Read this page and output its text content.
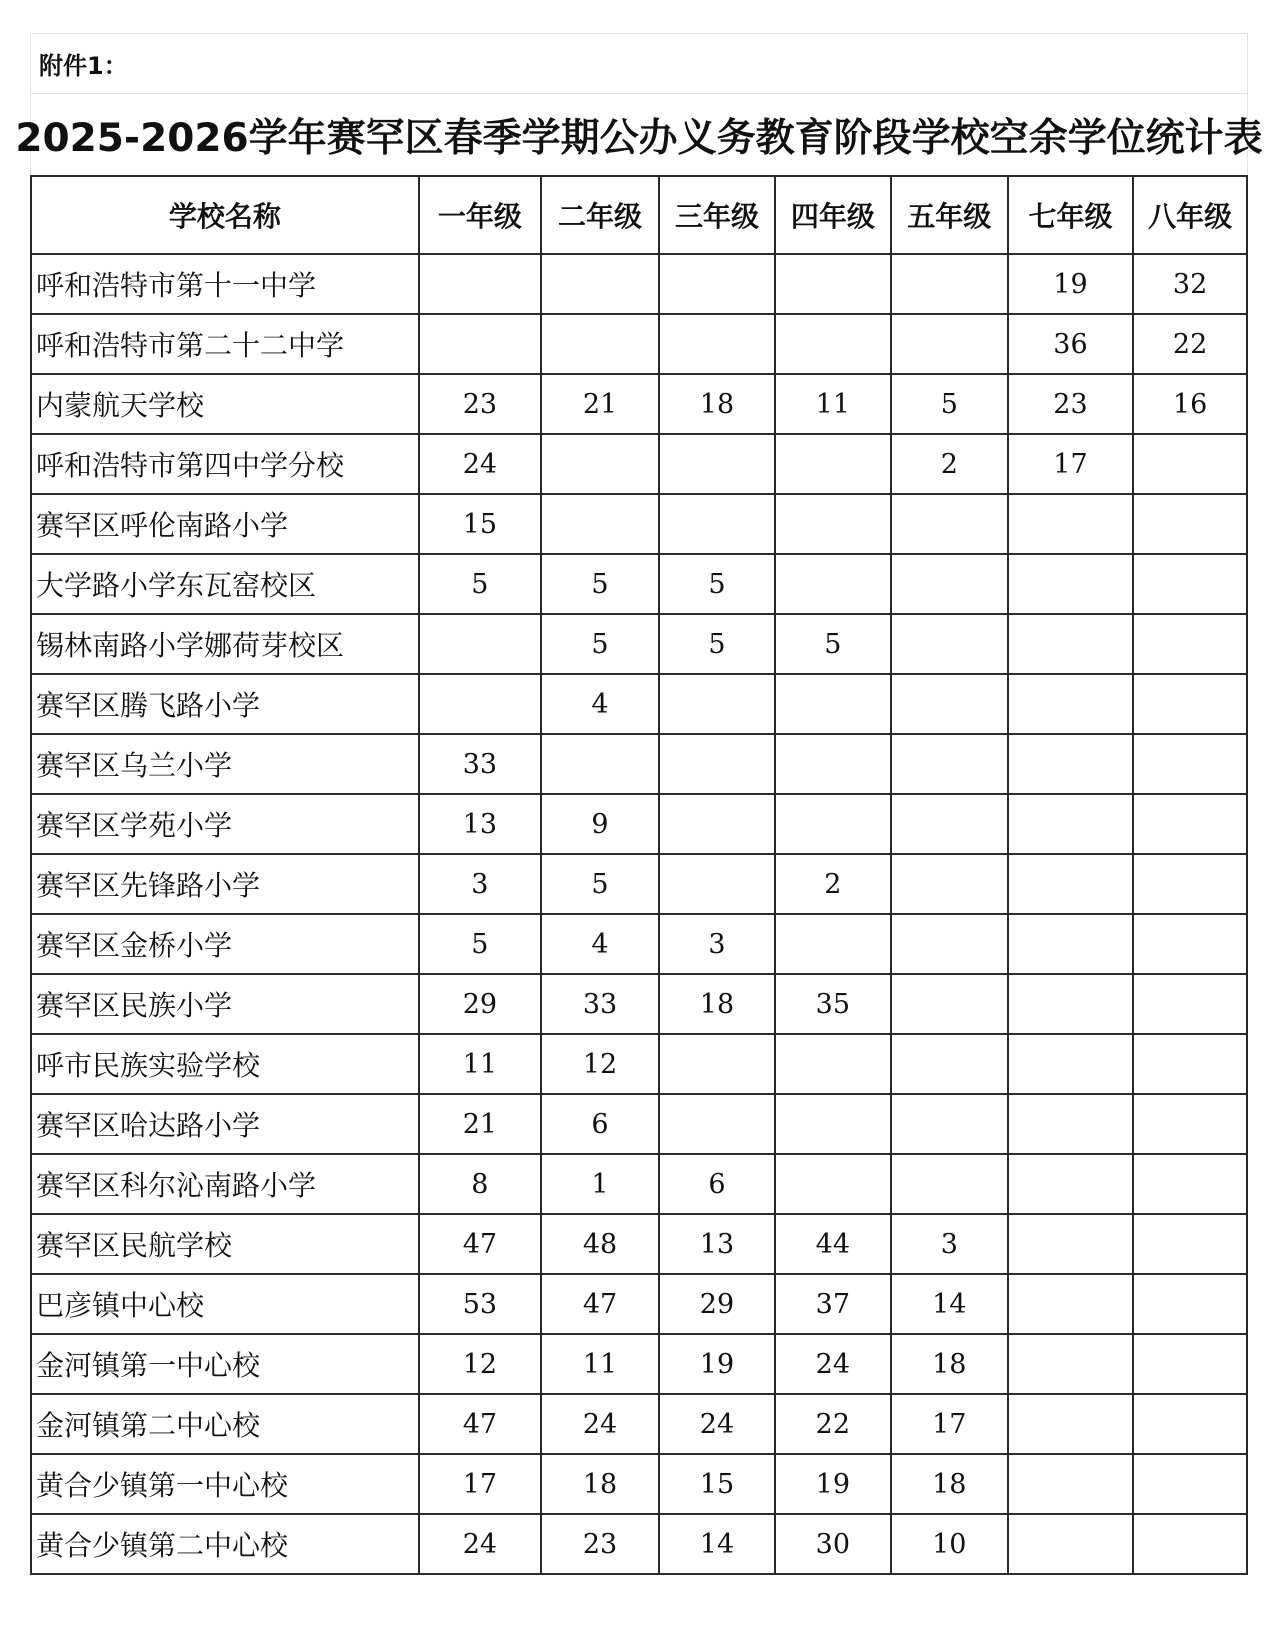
附件1：
2025-2026学年赛罕区春季学期公办义务教育阶段学校空余学位统计表
学校名称	一年级	二年级	三年级	四年级	五年级	七年级	八年级
呼和浩特市第十一中学						19	32
呼和浩特市第二十二中学						36	22
内蒙航天学校	23	21	18	11	5	23	16
呼和浩特市第四中学分校	24				2	17	
赛罕区呼伦南路小学	15						
大学路小学东瓦窑校区	5	5	5				
锡林南路小学娜荷芽校区		5	5	5			
赛罕区腾飞路小学		4					
赛罕区乌兰小学	33						
赛罕区学苑小学	13	9					
赛罕区先锋路小学	3	5		2			
赛罕区金桥小学	5	4	3				
赛罕区民族小学	29	33	18	35			
呼市民族实验学校	11	12					
赛罕区哈达路小学	21	6					
赛罕区科尔沁南路小学	8	1	6				
赛罕区民航学校	47	48	13	44	3		
巴彦镇中心校	53	47	29	37	14		
金河镇第一中心校	12	11	19	24	18		
金河镇第二中心校	47	24	24	22	17		
黄合少镇第一中心校	17	18	15	19	18		
黄合少镇第二中心校	24	23	14	30	10		
